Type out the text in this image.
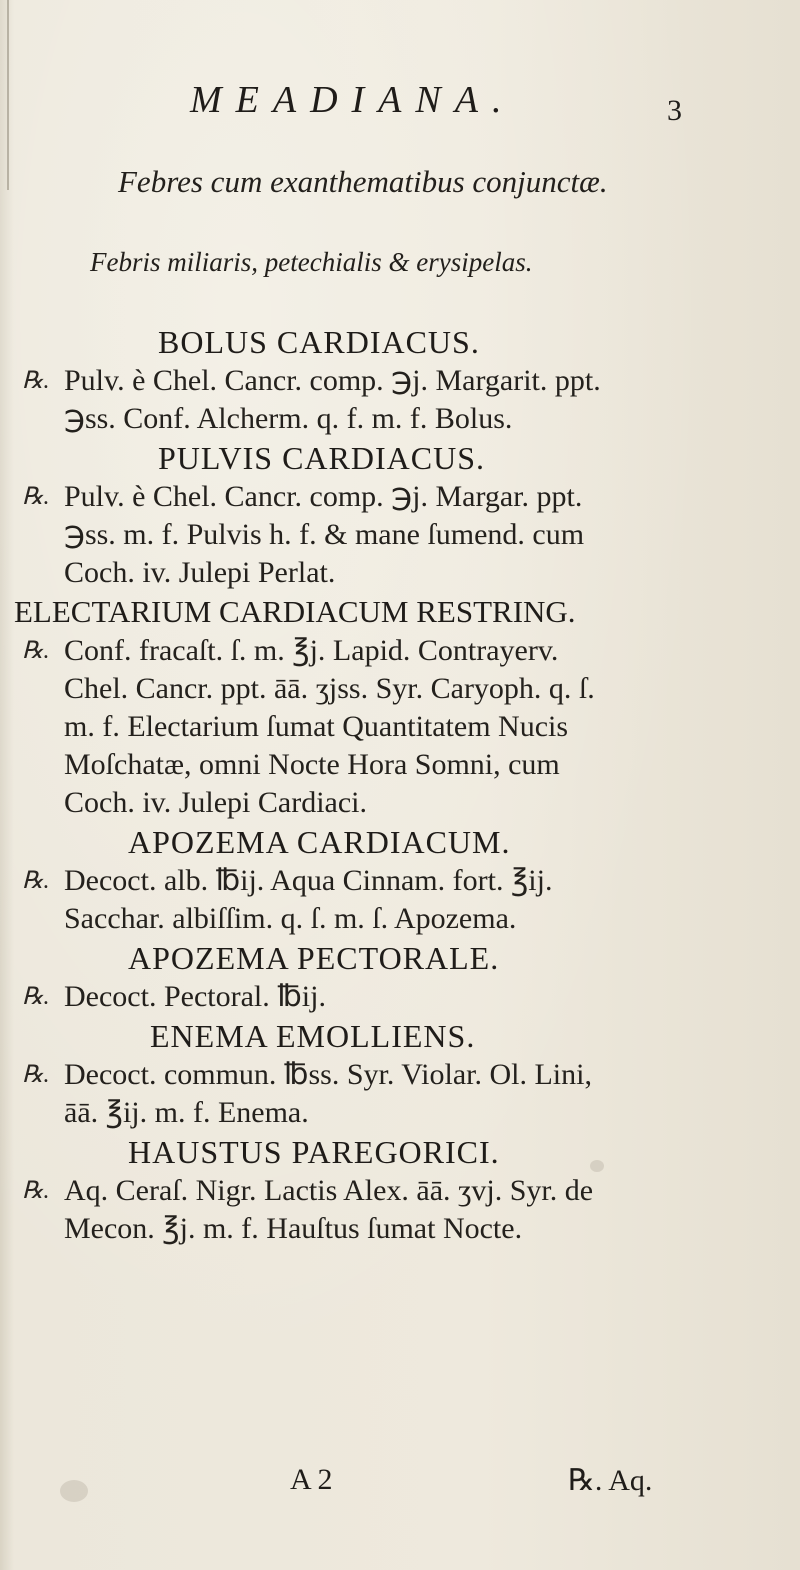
MEADIANA.	3
Febres cum exanthematibus conjunctæ.
Febris miliaris, petechialis & erysipelas.
BOLUS CARDIACUS.
℞. Pulv. è Chel. Cancr. comp. ℈j. Margarit. ppt.
℈ss. Conf. Alcherm. q. f. m. f. Bolus.
PULVIS CARDIACUS.
℞. Pulv. è Chel. Cancr. comp. ℈j. Margar. ppt.
℈ss. m. f. Pulvis h. f. & mane ſumend. cum
Coch. iv. Julepi Perlat.
ELECTARIUM CARDIACUM RESTRING.
℞. Conf. fracaſt. ſ. m. ℥j. Lapid. Contrayerv.
Chel. Cancr. ppt. āā. ʒjss. Syr. Caryoph. q. ſ.
m. f. Electarium ſumat Quantitatem Nucis
Moſchatæ, omni Nocte Hora Somni, cum
Coch. iv. Julepi Cardiaci.
APOZEMA CARDIACUM.
℞. Decoct. alb. ℔ij. Aqua Cinnam. fort. ℥ij.
Sacchar. albiſſim. q. ſ. m. ſ. Apozema.
APOZEMA PECTORALE.
℞. Decoct. Pectoral. ℔ij.
ENEMA EMOLLIENS.
℞. Decoct. commun. ℔ss. Syr. Violar. Ol. Lini,
āā. ℥ij. m. f. Enema.
HAUSTUS PAREGORICI.
℞. Aq. Ceraſ. Nigr. Lactis Alex. āā. ʒvj. Syr. de
Mecon. ℥j. m. f. Hauſtus ſumat Nocte.
A 2	℞. Aq.
